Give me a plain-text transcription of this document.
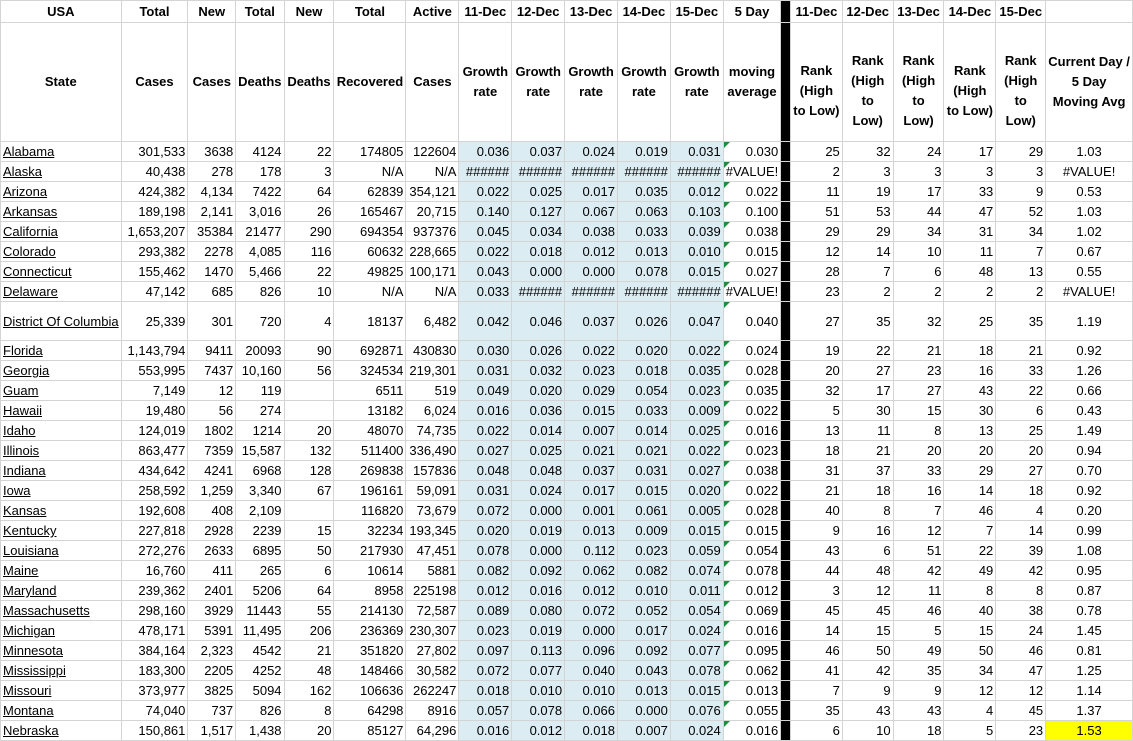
USA	Total	New	Total	New	Total	Active	11-Dec	12-Dec	13-Dec	14-Dec	15-Dec	5 Day		11-Dec	12-Dec	13-Dec	14-Dec	15-Dec	
State	Cases	Cases	Deaths	Deaths	Recovered	Cases	Growth rate	Growth rate	Growth rate	Growth rate	Growth rate	moving average		Rank (High to Low)	Rank (High to Low)	Rank (High to Low)	Rank (High to Low)	Rank (High to Low)	Current Day / 5 Day Moving Avg
Alabama	301,533	3638	4124	22	174805	122604	0.036	0.037	0.024	0.019	0.031	0.030		25	32	24	17	29	1.03
Alaska	40,438	278	178	3	N/A	N/A	######	######	######	######	######	#VALUE!		2	3	3	3	3	#VALUE!
Arizona	424,382	4,134	7422	64	62839	354,121	0.022	0.025	0.017	0.035	0.012	0.022		11	19	17	33	9	0.53
Arkansas	189,198	2,141	3,016	26	165467	20,715	0.140	0.127	0.067	0.063	0.103	0.100		51	53	44	47	52	1.03
California	1,653,207	35384	21477	290	694354	937376	0.045	0.034	0.038	0.033	0.039	0.038		29	29	34	31	34	1.02
Colorado	293,382	2278	4,085	116	60632	228,665	0.022	0.018	0.012	0.013	0.010	0.015		12	14	10	11	7	0.67
Connecticut	155,462	1470	5,466	22	49825	100,171	0.043	0.000	0.000	0.078	0.015	0.027		28	7	6	48	13	0.55
Delaware	47,142	685	826	10	N/A	N/A	0.033	######	######	######	######	#VALUE!		23	2	2	2	2	#VALUE!
District Of Columbia	25,339	301	720	4	18137	6,482	0.042	0.046	0.037	0.026	0.047	0.040		27	35	32	25	35	1.19
Florida	1,143,794	9411	20093	90	692871	430830	0.030	0.026	0.022	0.020	0.022	0.024		19	22	21	18	21	0.92
Georgia	553,995	7437	10,160	56	324534	219,301	0.031	0.032	0.023	0.018	0.035	0.028		20	27	23	16	33	1.26
Guam	7,149	12	119		6511	519	0.049	0.020	0.029	0.054	0.023	0.035		32	17	27	43	22	0.66
Hawaii	19,480	56	274		13182	6,024	0.016	0.036	0.015	0.033	0.009	0.022		5	30	15	30	6	0.43
Idaho	124,019	1802	1214	20	48070	74,735	0.022	0.014	0.007	0.014	0.025	0.016		13	11	8	13	25	1.49
Illinois	863,477	7359	15,587	132	511400	336,490	0.027	0.025	0.021	0.021	0.022	0.023		18	21	20	20	20	0.94
Indiana	434,642	4241	6968	128	269838	157836	0.048	0.048	0.037	0.031	0.027	0.038		31	37	33	29	27	0.70
Iowa	258,592	1,259	3,340	67	196161	59,091	0.031	0.024	0.017	0.015	0.020	0.022		21	18	16	14	18	0.92
Kansas	192,608	408	2,109		116820	73,679	0.072	0.000	0.001	0.061	0.005	0.028		40	8	7	46	4	0.20
Kentucky	227,818	2928	2239	15	32234	193,345	0.020	0.019	0.013	0.009	0.015	0.015		9	16	12	7	14	0.99
Louisiana	272,276	2633	6895	50	217930	47,451	0.078	0.000	0.112	0.023	0.059	0.054		43	6	51	22	39	1.08
Maine	16,760	411	265	6	10614	5881	0.082	0.092	0.062	0.082	0.074	0.078		44	48	42	49	42	0.95
Maryland	239,362	2401	5206	64	8958	225198	0.012	0.016	0.012	0.010	0.011	0.012		3	12	11	8	8	0.87
Massachusetts	298,160	3929	11443	55	214130	72,587	0.089	0.080	0.072	0.052	0.054	0.069		45	45	46	40	38	0.78
Michigan	478,171	5391	11,495	206	236369	230,307	0.023	0.019	0.000	0.017	0.024	0.016		14	15	5	15	24	1.45
Minnesota	384,164	2,323	4542	21	351820	27,802	0.097	0.113	0.096	0.092	0.077	0.095		46	50	49	50	46	0.81
Mississippi	183,300	2205	4252	48	148466	30,582	0.072	0.077	0.040	0.043	0.078	0.062		41	42	35	34	47	1.25
Missouri	373,977	3825	5094	162	106636	262247	0.018	0.010	0.010	0.013	0.015	0.013		7	9	9	12	12	1.14
Montana	74,040	737	826	8	64298	8916	0.057	0.078	0.066	0.000	0.076	0.055		35	43	43	4	45	1.37
Nebraska	150,861	1,517	1,438	20	85127	64,296	0.016	0.012	0.018	0.007	0.024	0.016		6	10	18	5	23	1.53
